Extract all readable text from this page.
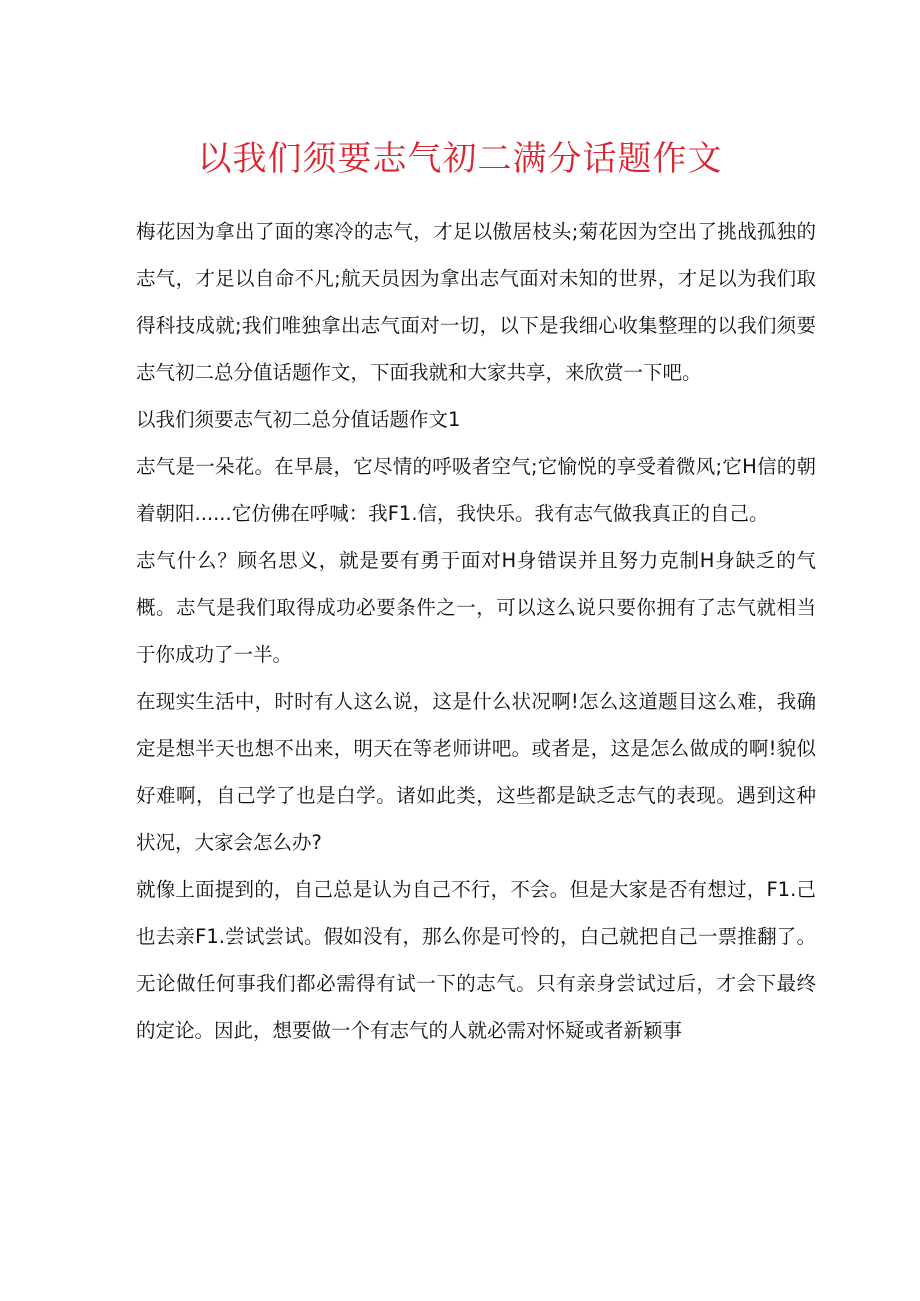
以我们须要志气初二满分话题作文

梅花因为拿出了面的寒冷的志气，才足以傲居枝头;菊花因为空出了挑战孤独的志气，才足以自命不凡;航天员因为拿出志气面对未知的世界，才足以为我们取得科技成就;我们唯独拿出志气面对一切，以下是我细心收集整理的以我们须要志气初二总分值话题作文，下面我就和大家共享，来欣赏一下吧。

以我们须要志气初二总分值话题作文1

志气是一朵花。在早晨，它尽情的呼吸者空气;它愉悦的享受着微风;它H信的朝着朝阳......它仿佛在呼喊：我F1.信，我快乐。我有志气做我真正的自己。

志气什么？顾名思义，就是要有勇于面对H身错误并且努力克制H身缺乏的气概。志气是我们取得成功必要条件之一，可以这么说只要你拥有了志气就相当于你成功了一半。

在现实生活中，时时有人这么说，这是什么状况啊!怎么这道题目这么难，我确定是想半天也想不出来，明天在等老师讲吧。或者是，这是怎么做成的啊!貌似好难啊，自己学了也是白学。诸如此类，这些都是缺乏志气的表现。遇到这种状况，大家会怎么办?

就像上面提到的，自己总是认为自己不行，不会。但是大家是否有想过，F1.己也去亲F1.尝试尝试。假如没有，那么你是可怜的，白己就把自己一票推翻了。无论做任何事我们都必需得有试一下的志气。只有亲身尝试过后，才会下最终的定论。因此，想要做一个有志气的人就必需对怀疑或者新颖事
